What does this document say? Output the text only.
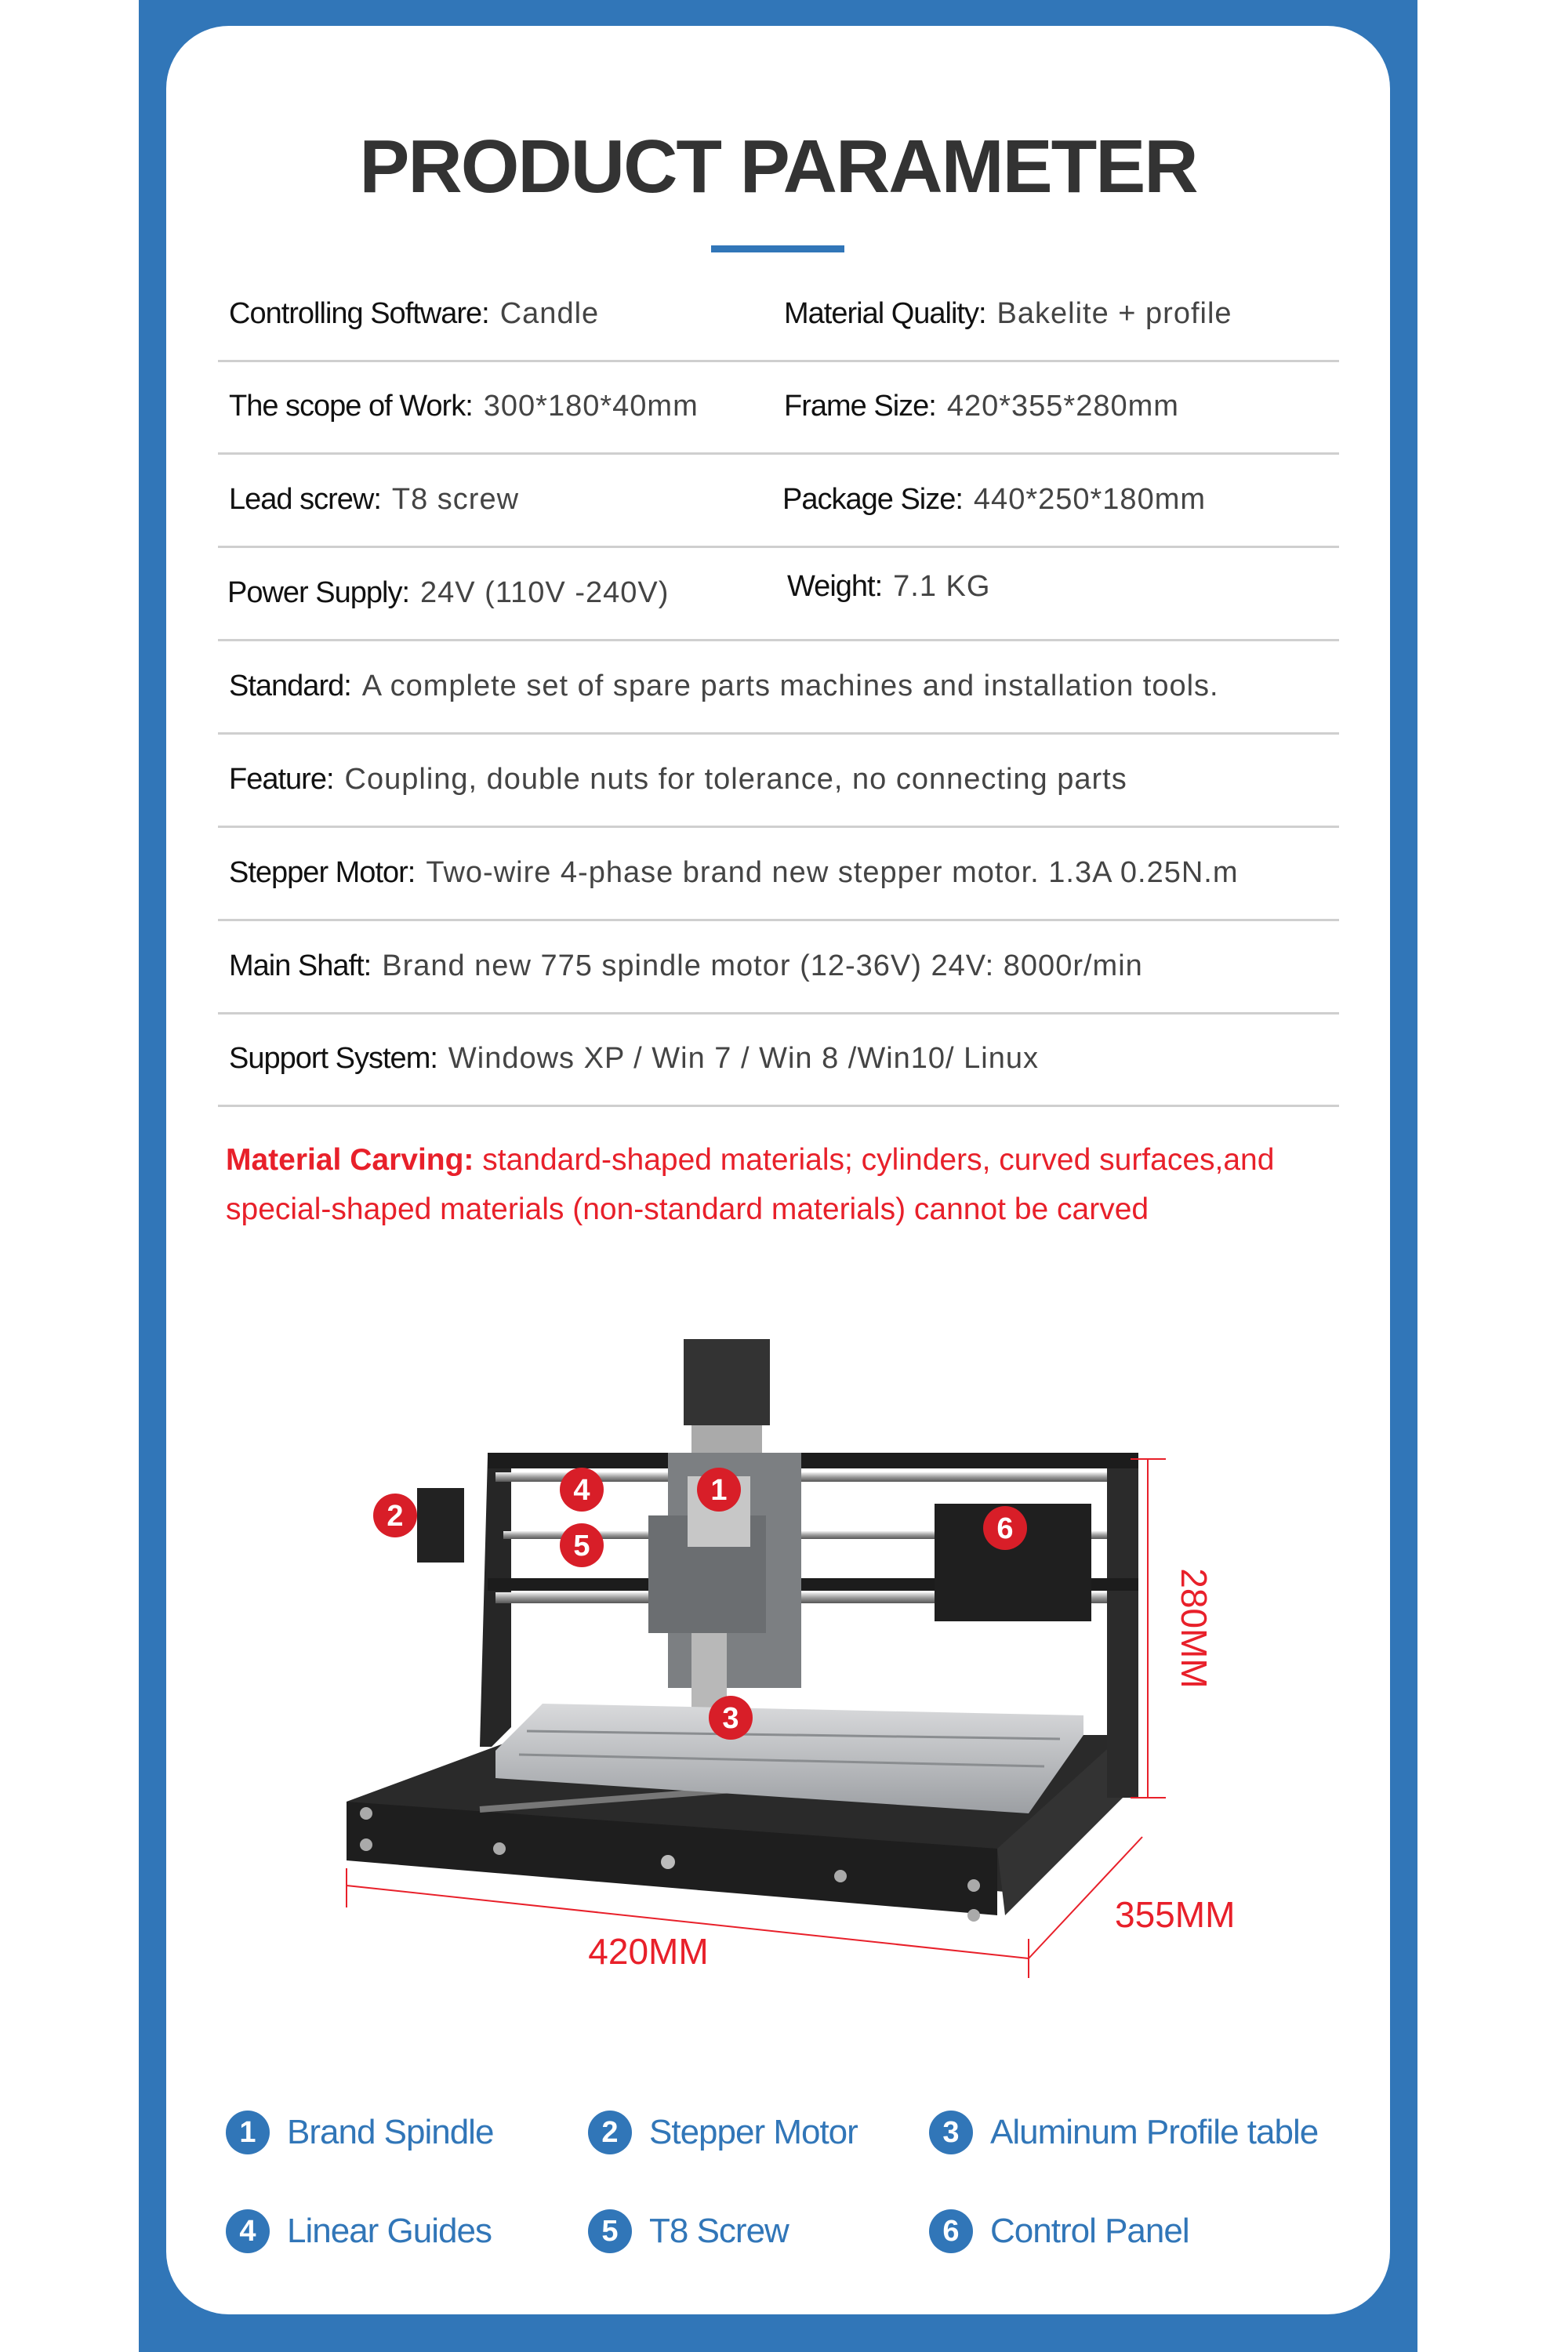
PRODUCT PARAMETER
Controlling Software: Candle	Material Quality: Bakelite + profile
The scope of Work: 300*180*40mm	Frame Size: 420*355*280mm
Lead screw: T8 screw	Package Size: 440*250*180mm
Power Supply: 24V (110V -240V)	Weight: 7.1 KG
Standard: A complete set of spare parts machines and installation tools.
Feature: Coupling, double nuts for tolerance, no connecting parts
Stepper Motor: Two-wire 4-phase brand new stepper motor. 1.3A 0.25N.m
Main Shaft: Brand new 775 spindle motor (12-36V) 24V: 8000r/min
Support System: Windows XP / Win 7 / Win 8 /Win10/ Linux
Material Carving: standard-shaped materials; cylinders, curved surfaces,and
special-shaped materials (non-standard materials) cannot be carved
280MM
420MM
355MM
1
2
3
4
5
6
1 Brand Spindle	2 Stepper Motor	3 Aluminum Profile table
4 Linear Guides	5 T8 Screw	6 Control Panel
